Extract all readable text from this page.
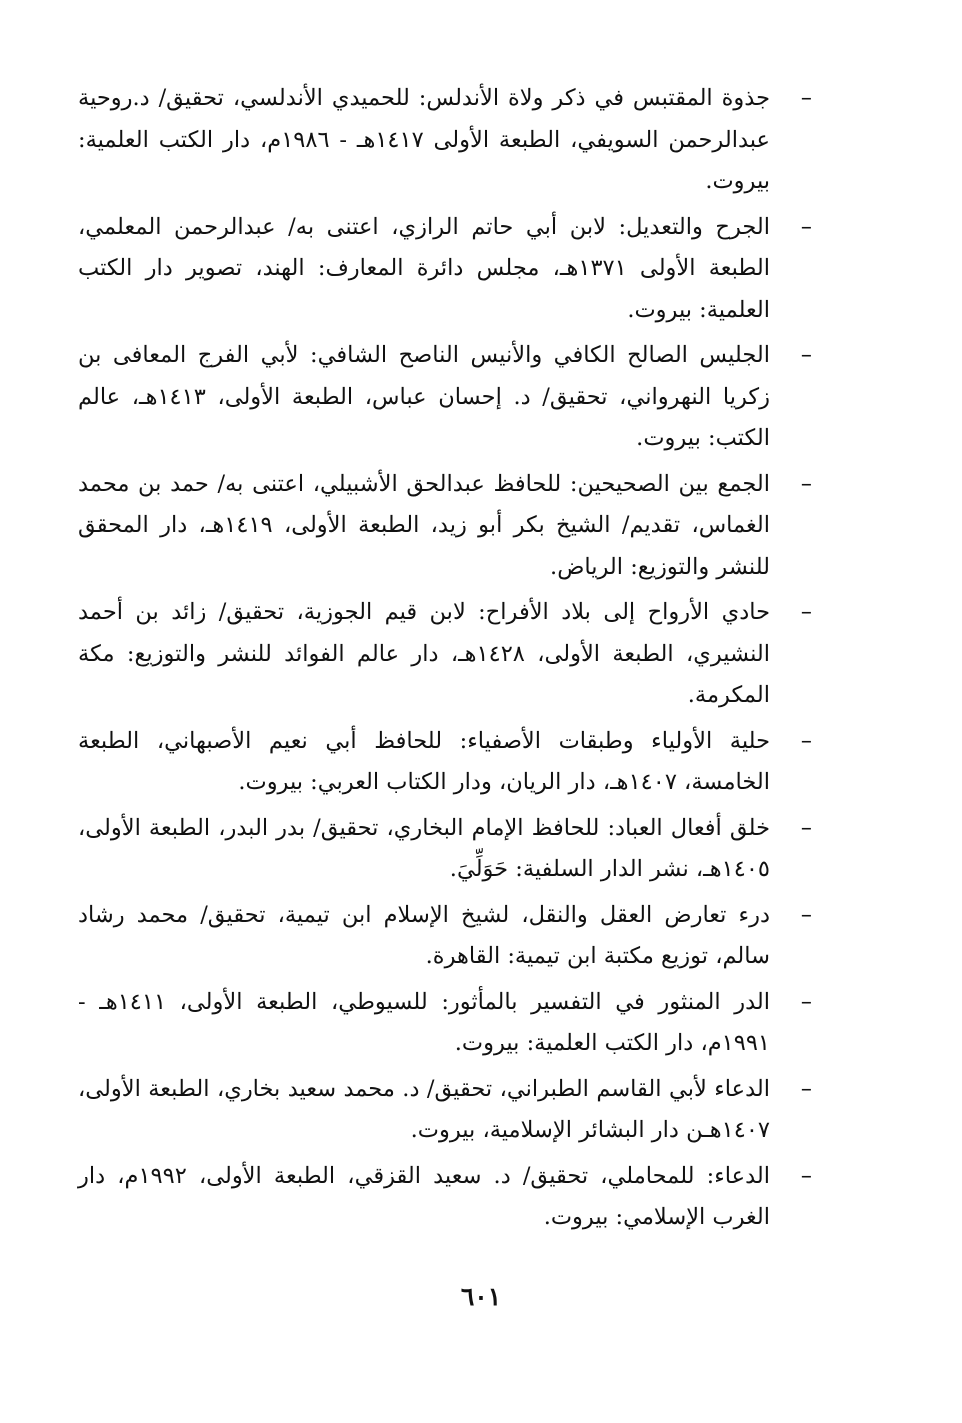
–
جذوة المقتبس في ذكر ولاة الأندلس: للحميدي الأندلسي، تحقيق/ د.روحية عبدالرحمن السويفي، الطبعة الأولى ١٤١٧هـ - ١٩٨٦م، دار الكتب العلمية: بيروت.
–
الجرح والتعديل: لابن أبي حاتم الرازي، اعتنى به/ عبدالرحمن المعلمي، الطبعة الأولى ١٣٧١هـ، مجلس دائرة المعارف: الهند، تصوير دار الكتب العلمية: بيروت.
–
الجليس الصالح الكافي والأنيس الناصح الشافي: لأبي الفرج المعافى بن زكريا النهرواني، تحقيق/ د. إحسان عباس، الطبعة الأولى، ١٤١٣هـ، عالم الكتب: بيروت.
–
الجمع بين الصحيحين: للحافظ عبدالحق الأشبيلي، اعتنى به/ حمد بن محمد الغماس، تقديم/ الشيخ بكر أبو زيد، الطبعة الأولى، ١٤١٩هـ، دار المحقق للنشر والتوزيع: الرياض.
–
حادي الأرواح إلى بلاد الأفراح: لابن قيم الجوزية، تحقيق/ زائد بن أحمد النشيري، الطبعة الأولى، ١٤٢٨هـ، دار عالم الفوائد للنشر والتوزيع: مكة المكرمة.
–
حلية الأولياء وطبقات الأصفياء: للحافظ أبي نعيم الأصبهاني، الطبعة الخامسة، ١٤٠٧هـ، دار الريان، ودار الكتاب العربي: بيروت.
–
خلق أفعال العباد: للحافظ الإمام البخاري، تحقيق/ بدر البدر، الطبعة الأولى، ١٤٠٥هـ، نشر الدار السلفية: حَوَلِّيَ.
–
درء تعارض العقل والنقل، لشيخ الإسلام ابن تيمية، تحقيق/ محمد رشاد سالم، توزيع مكتبة ابن تيمية: القاهرة.
–
الدر المنثور في التفسير بالمأثور: للسيوطي، الطبعة الأولى، ١٤١١هـ - ١٩٩١م، دار الكتب العلمية: بيروت.
–
الدعاء لأبي القاسم الطبراني، تحقيق/ د. محمد سعيد بخاري، الطبعة الأولى، ١٤٠٧هـن دار البشائر الإسلامية، بيروت.
–
الدعاء: للمحاملي، تحقيق/ د. سعيد القزقي، الطبعة الأولى، ١٩٩٢م، دار الغرب الإسلامي: بيروت.
٦٠١
